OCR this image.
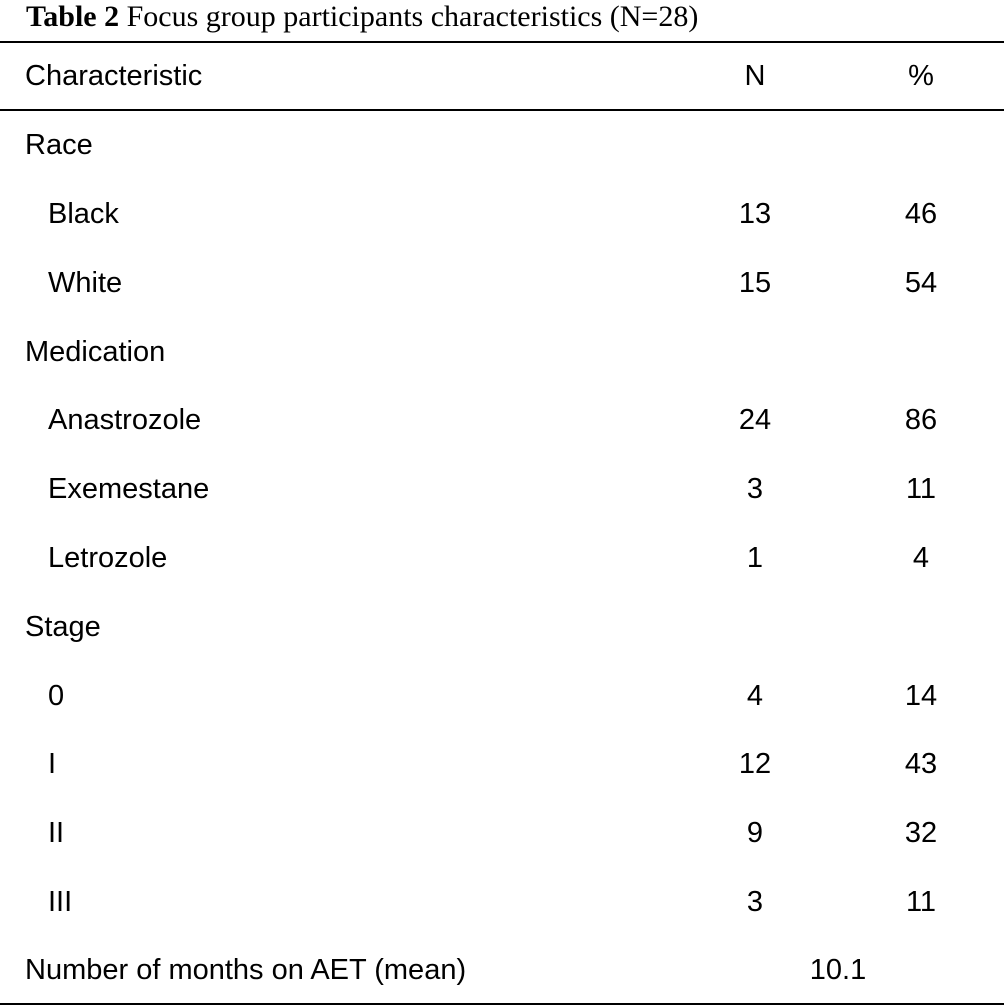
Table 2 Focus group participants characteristics (N=28)
Characteristic	N	%
Race
Black	13	46
White	15	54
Medication
Anastrozole	24	86
Exemestane	3	11
Letrozole	1	4
Stage
0	4	14
I	12	43
II	9	32
III	3	11
Number of months on AET (mean)	10.1
